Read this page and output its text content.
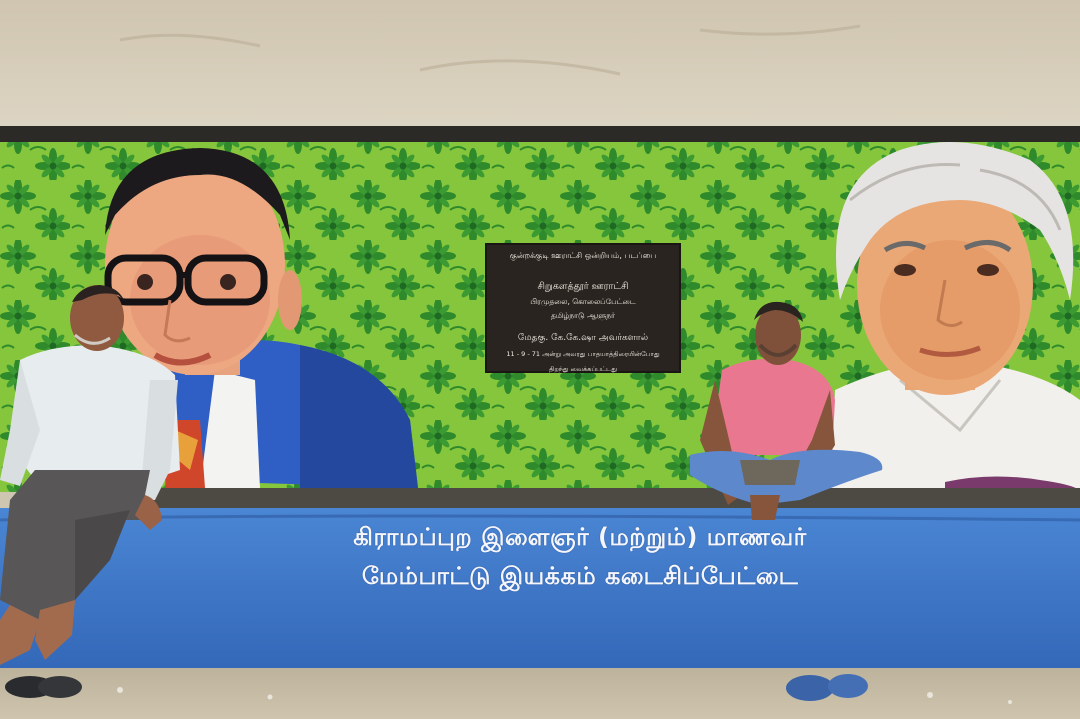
குன்றக்குடி ஊராட்சி ஒன்றியம், படப்பை
சிறுகளத்தூர் ஊராட்சி
பிரமுதலை, கொலைப்பேட்டை
தமிழ்நாடு ஆளுநர்
மேதகு. கே.கே.ஷா அவர்களால்
11 - 9 - 71 அன்று அவரது பாதயாத்திரையின்போது
திறந்து வைக்கப்பட்டது
கிராமப்புற இளைஞர் (மற்றும்) மாணவர்
மேம்பாட்டு இயக்கம் கடைசிப்பேட்டை
